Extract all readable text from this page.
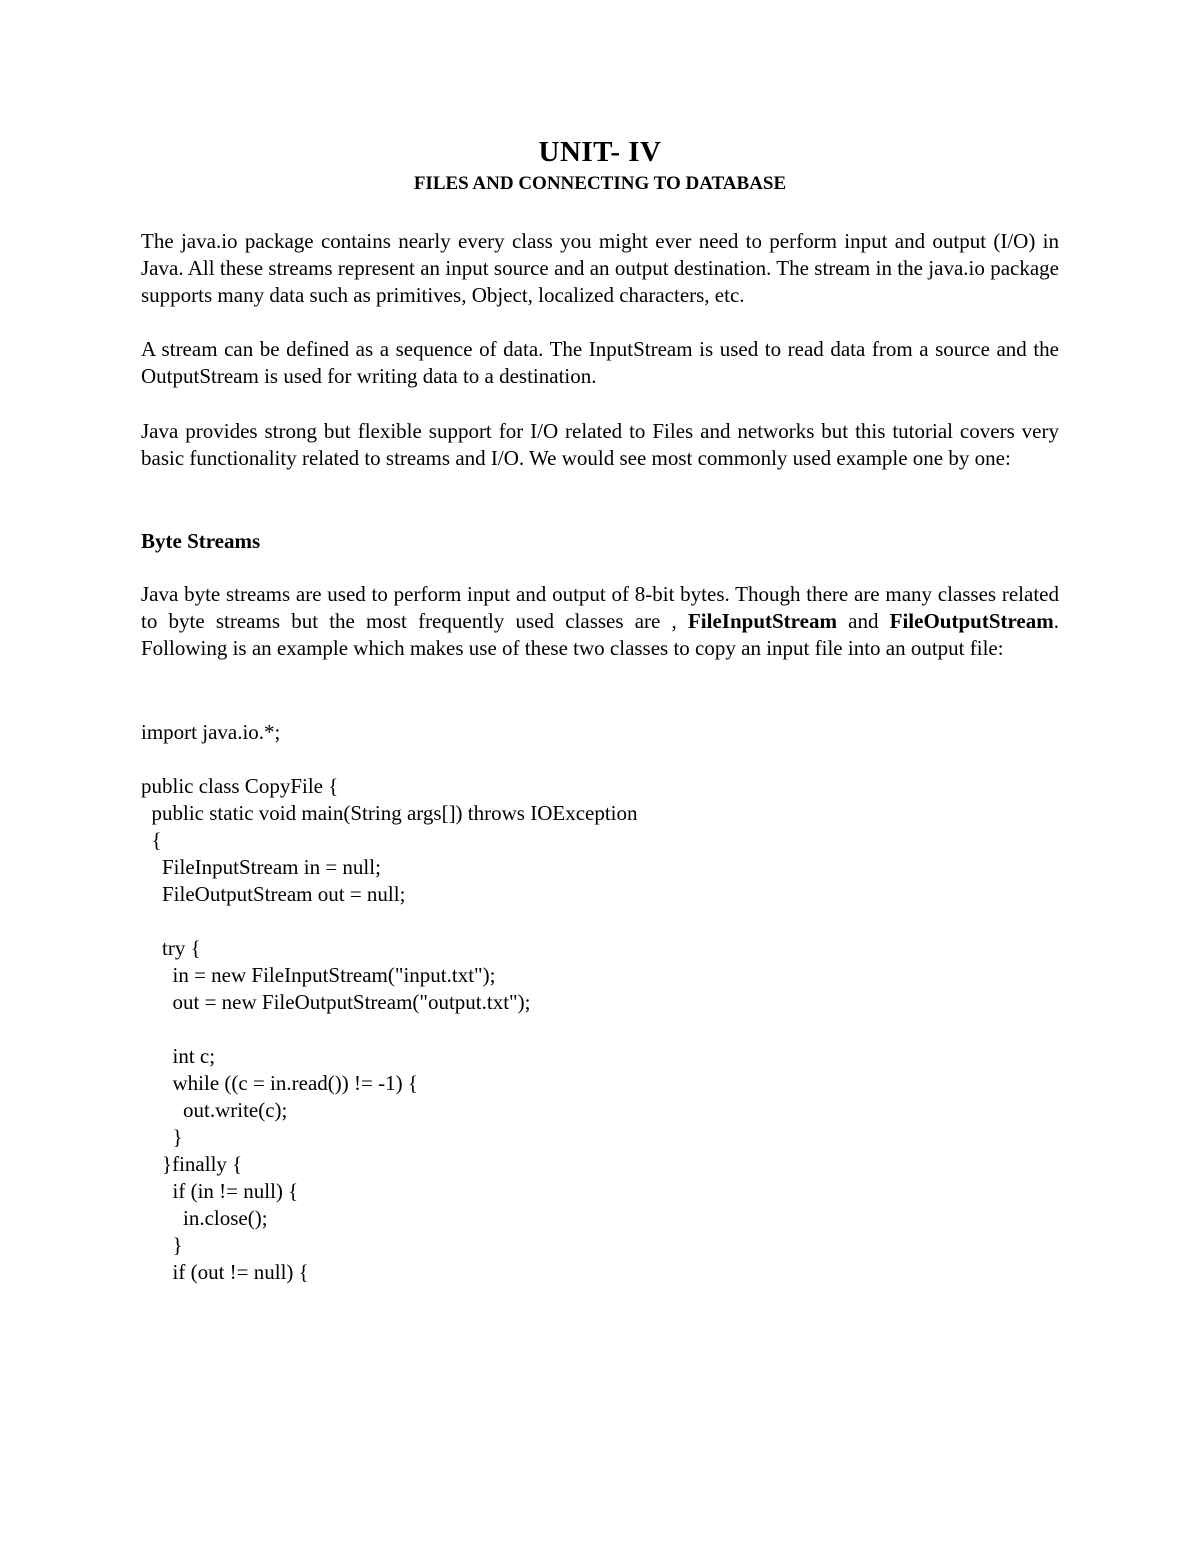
UNIT- IV
FILES AND CONNECTING TO DATABASE

The java.io package contains nearly every class you might ever need to perform input and output (I/O) in Java. All these streams represent an input source and an output destination. The stream in the java.io package supports many data such as primitives, Object, localized characters, etc.

A stream can be defined as a sequence of data. The InputStream is used to read data from a source and the OutputStream is used for writing data to a destination.

Java provides strong but flexible support for I/O related to Files and networks but this tutorial covers very basic functionality related to streams and I/O. We would see most commonly used example one by one:

Byte Streams

Java byte streams are used to perform input and output of 8-bit bytes. Though there are many classes related to byte streams but the most frequently used classes are , FileInputStream and FileOutputStream. Following is an example which makes use of these two classes to copy an input file into an output file:

import java.io.*;
public class CopyFile {
public static void main(String args[]) throws IOException
{
FileInputStream in = null;
FileOutputStream out = null;
try {
in = new FileInputStream("input.txt");
out = new FileOutputStream("output.txt");
int c;
while ((c = in.read()) != -1) {
out.write(c);
}
}finally {
if (in != null) {
in.close();
}
if (out != null) {
